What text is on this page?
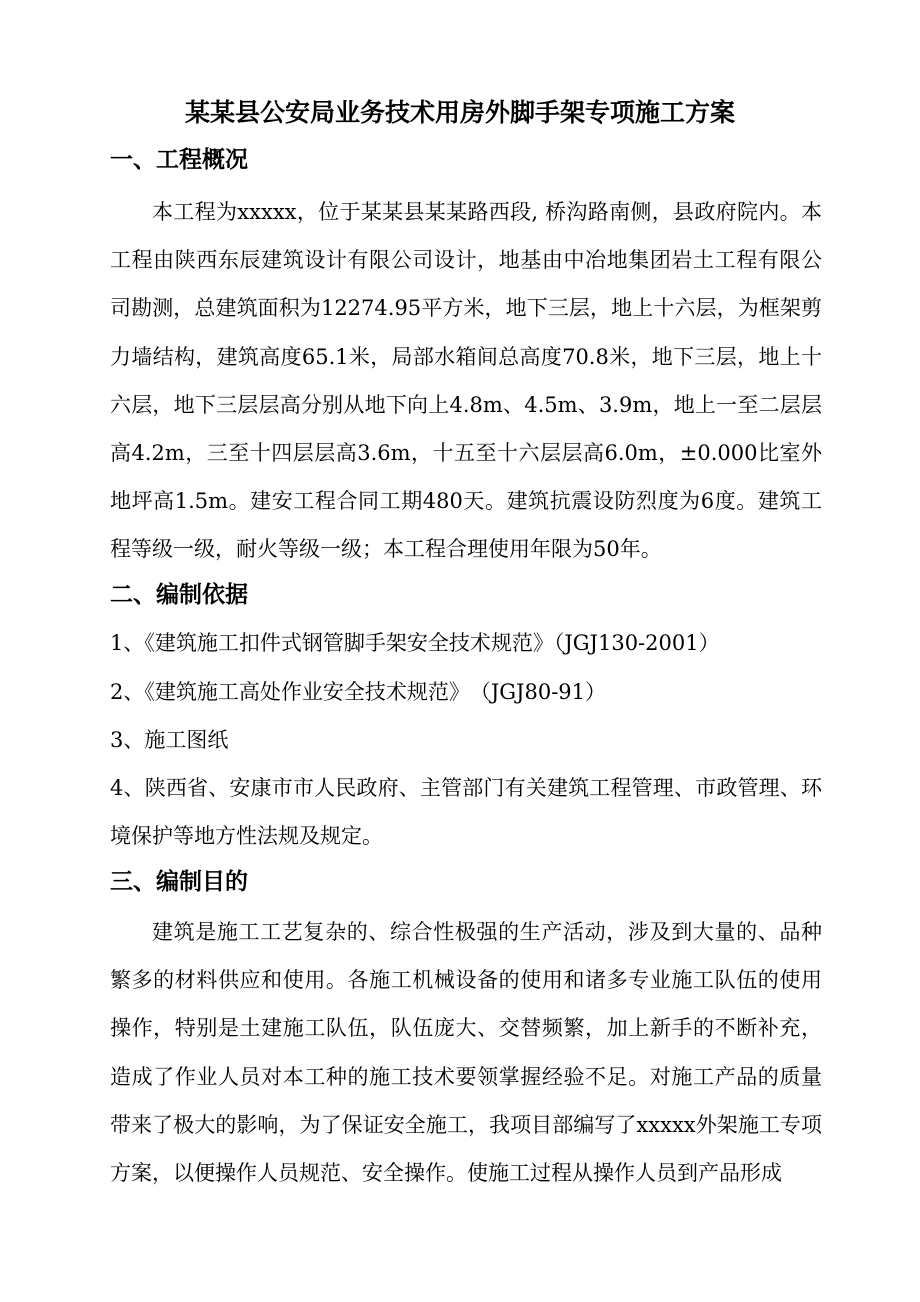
某某县公安局业务技术用房外脚手架专项施工方案
一、工程概况

本工程为xxxxx，位于某某县某某路西段, 桥沟路南侧，县政府院内。本工程由陕西东辰建筑设计有限公司设计，地基由中冶地集团岩土工程有限公司勘测，总建筑面积为12274.95平方米，地下三层，地上十六层，为框架剪力墙结构，建筑高度65.1米，局部水箱间总高度70.8米，地下三层，地上十六层，地下三层层高分别从地下向上4.8m、4.5m、3.9m，地上一至二层层高4.2m，三至十四层层高3.6m，十五至十六层层高6.0m，±0.000比室外地坪高1.5m。建安工程合同工期480天。建筑抗震设防烈度为6度。建筑工程等级一级，耐火等级一级；本工程合理使用年限为50年。

二、编制依据

1、《建筑施工扣件式钢管脚手架安全技术规范》（JGJ130-2001）

2、《建筑施工高处作业安全技术规范》　（JGJ80-91）

3、施工图纸

4、陕西省、安康市市人民政府、主管部门有关建筑工程管理、市政管理、环境保护等地方性法规及规定。

三、编制目的

建筑是施工工艺复杂的、综合性极强的生产活动，涉及到大量的、品种繁多的材料供应和使用。各施工机械设备的使用和诸多专业施工队伍的使用操作，特别是土建施工队伍，队伍庞大、交替频繁，加上新手的不断补充，造成了作业人员对本工种的施工技术要领掌握经验不足。对施工产品的质量带来了极大的影响，为了保证安全施工，我项目部编写了xxxxx外架施工专项方案，以便操作人员规范、安全操作。使施工过程从操作人员到产品形成
